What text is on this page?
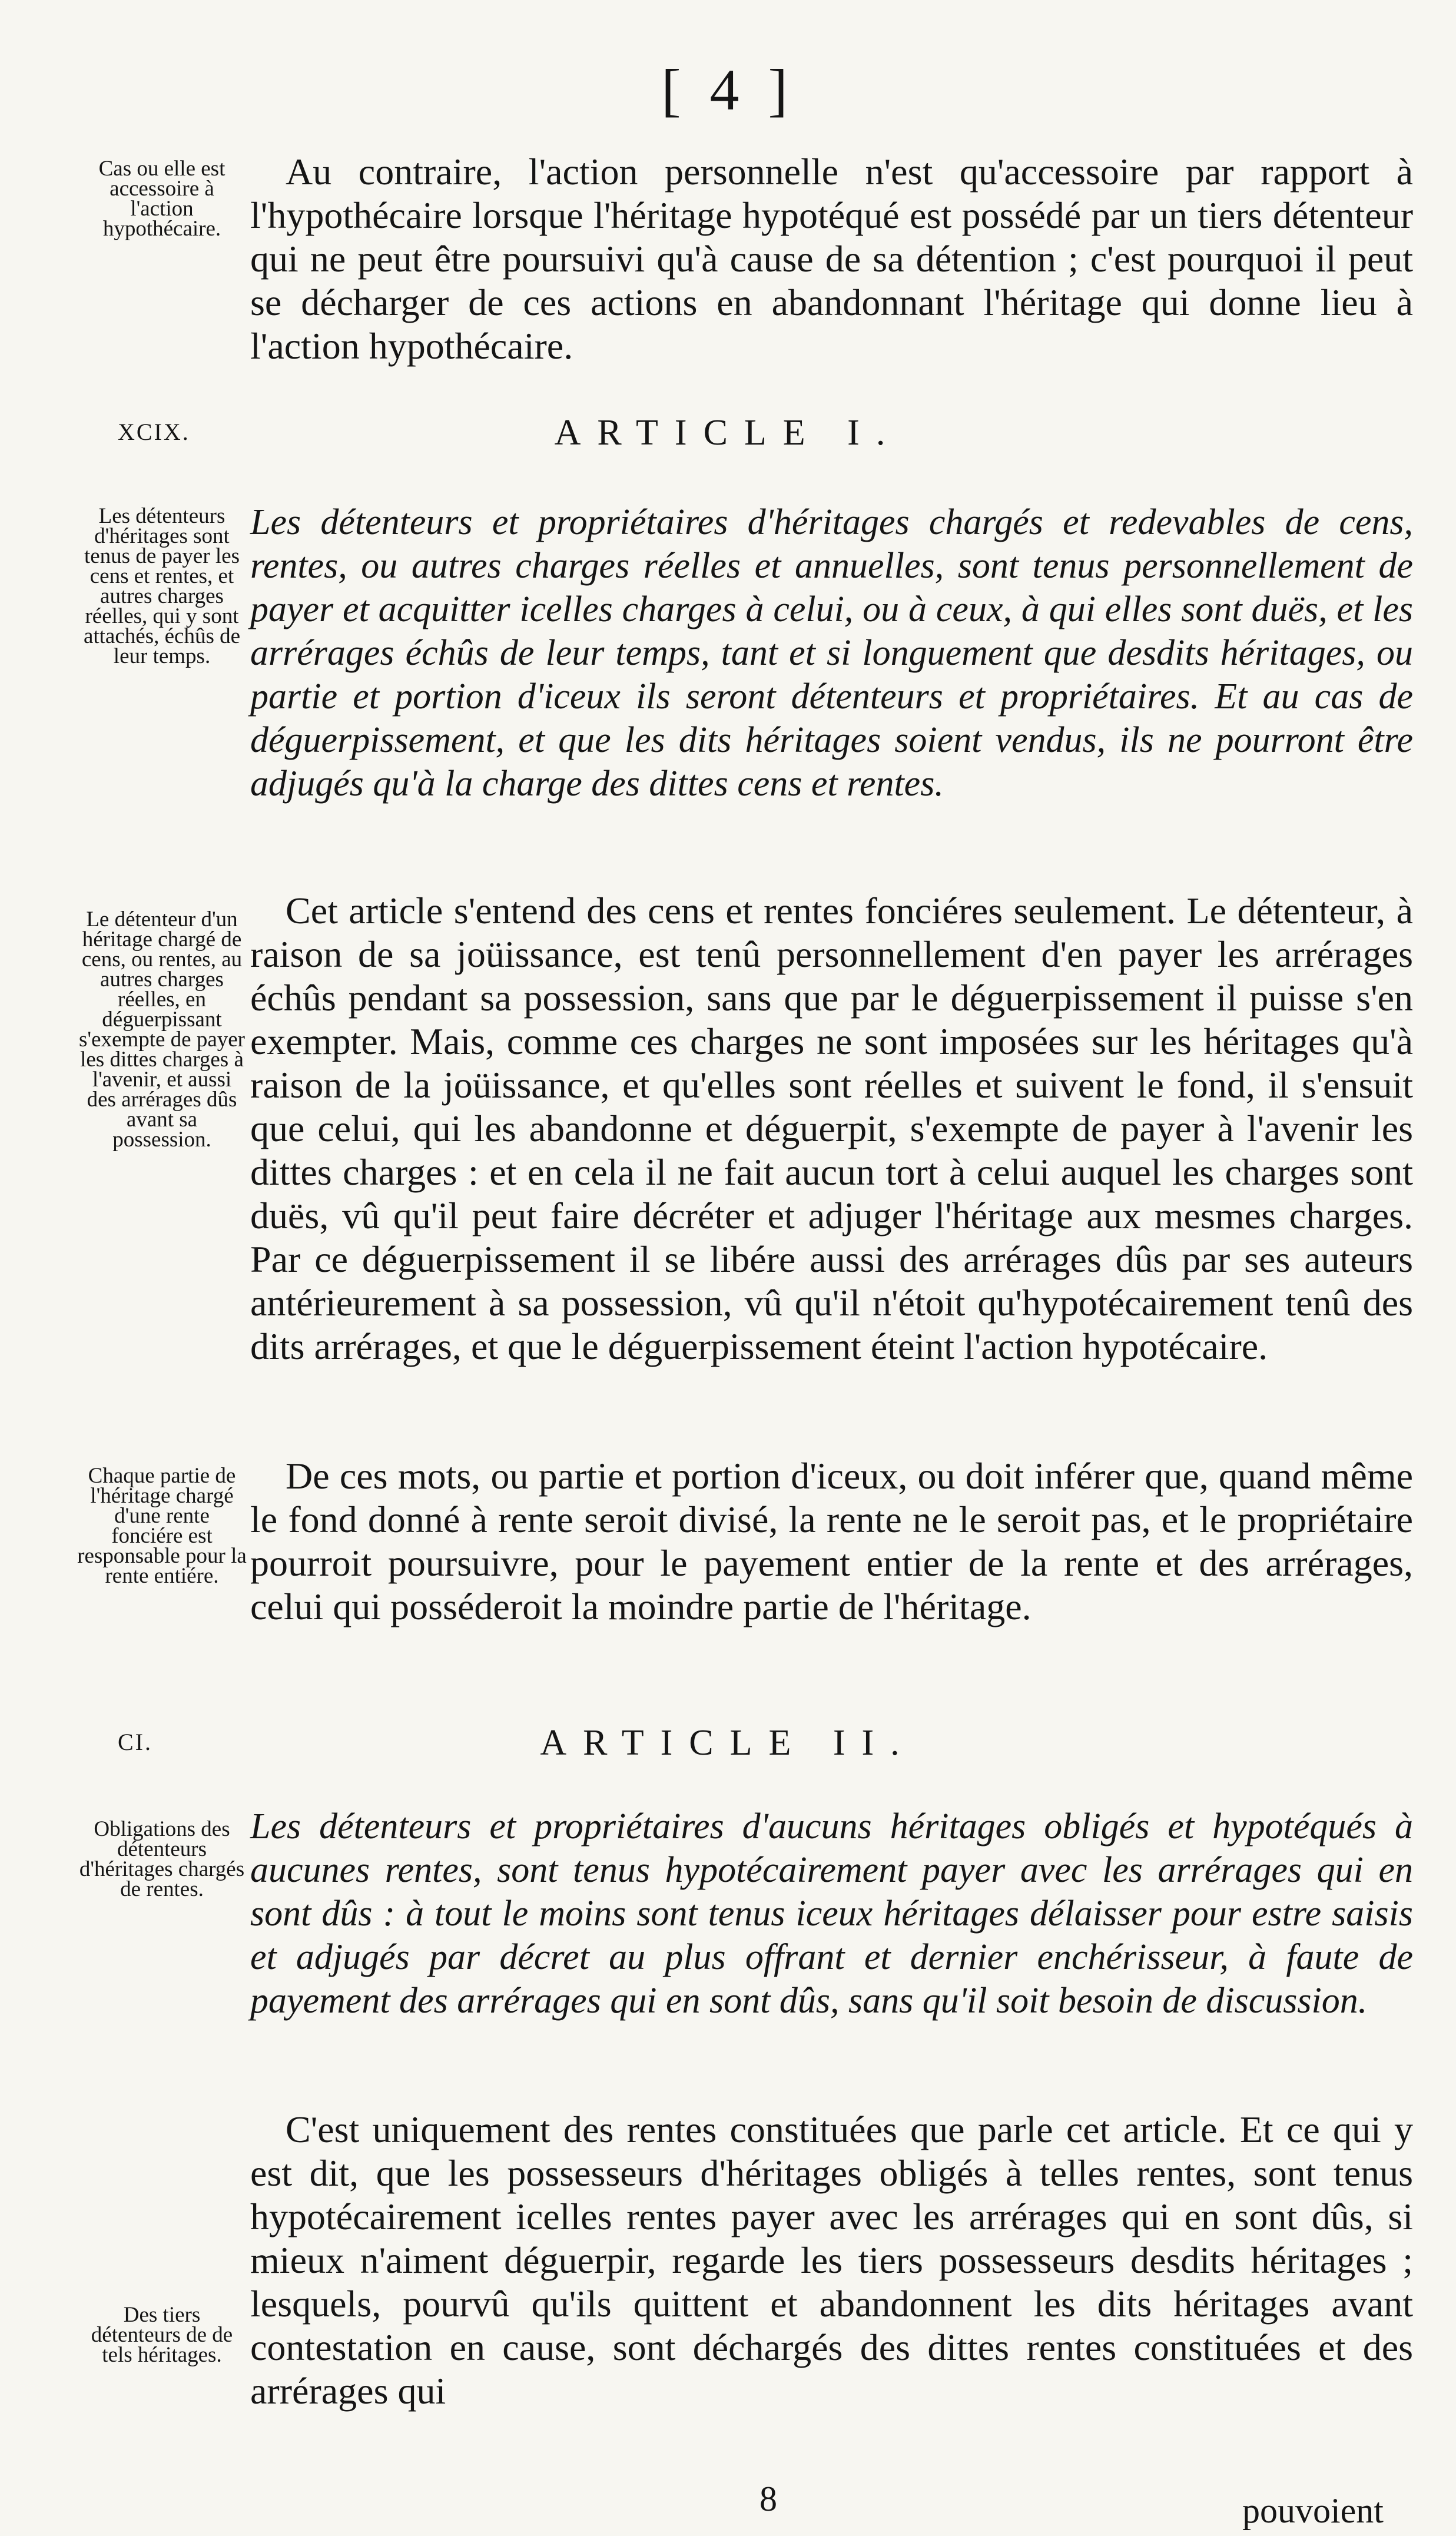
[ 4 ]
Cas ou elle est accessoire à l'action hypothécaire.
Au contraire, l'action personnelle n'est qu'accessoire par rapport à l'hypothécaire lorsque l'héritage hypotéqué est possédé par un tiers détenteur qui ne peut être poursuivi qu'à cause de sa détention ; c'est pourquoi il peut se décharger de ces actions en abandonnant l'héritage qui donne lieu à l'action hypothécaire.
XCIX.	ARTICLE I.
Les détenteurs d'héritages sont tenus de payer les cens et rentes, et autres charges réelles, qui y sont attachés, échûs de leur temps.
Les détenteurs et propriétaires d'héritages chargés et redevables de cens, rentes, ou autres charges réelles et annuelles, sont tenus personnellement de payer et acquitter icelles charges à celui, ou à ceux, à qui elles sont duës, et les arrérages échûs de leur temps, tant et si longuement que desdits héritages, ou partie et portion d'iceux ils seront détenteurs et propriétaires. Et au cas de déguerpissement, et que les dits héritages soient vendus, ils ne pourront être adjugés qu'à la charge des dittes cens et rentes.
Le détenteur d'un héritage chargé de cens, ou rentes, au autres charges réelles, en déguerpissant s'exempte de payer les dittes charges à l'avenir, et aussi des arrérages dûs avant sa possession.
Cet article s'entend des cens et rentes fonciéres seulement. Le détenteur, à raison de sa joüissance, est tenû personnellement d'en payer les arrérages échûs pendant sa possession, sans que par le déguerpissement il puisse s'en exempter. Mais, comme ces charges ne sont imposées sur les héritages qu'à raison de la joüissance, et qu'elles sont réelles et suivent le fond, il s'ensuit que celui, qui les abandonne et déguerpit, s'exempte de payer à l'avenir les dittes charges : et en cela il ne fait aucun tort à celui auquel les charges sont duës, vû qu'il peut faire décréter et adjuger l'héritage aux mesmes charges. Par ce déguerpissement il se libére aussi des arrérages dûs par ses auteurs antérieurement à sa possession, vû qu'il n'étoit qu'hypotécairement tenû des dits arrérages, et que le déguerpissement éteint l'action hypotécaire.
Chaque partie de l'héritage chargé d'une rente fonciére est responsable pour la rente entiére.
De ces mots, ou partie et portion d'iceux, ou doit inférer que, quand même le fond donné à rente seroit divisé, la rente ne le seroit pas, et le propriétaire pourroit poursuivre, pour le payement entier de la rente et des arrérages, celui qui posséderoit la moindre partie de l'héritage.
CI.	ARTICLE II.
Obligations des détenteurs d'héritages chargés de rentes.
Les détenteurs et propriétaires d'aucuns héritages obligés et hypotéqués à aucunes rentes, sont tenus hypotécairement payer avec les arrérages qui en sont dûs : à tout le moins sont tenus iceux héritages délaisser pour estre saisis et adjugés par décret au plus offrant et dernier enchérisseur, à faute de payement des arrérages qui en sont dûs, sans qu'il soit besoin de discussion.
Des tiers détenteurs de de tels héritages.
C'est uniquement des rentes constituées que parle cet article. Et ce qui y est dit, que les possesseurs d'héritages obligés à telles rentes, sont tenus hypotécairement icelles rentes payer avec les arrérages qui en sont dûs, si mieux n'aiment déguerpir, regarde les tiers possesseurs desdits héritages ; lesquels, pourvû qu'ils quittent et abandonnent les dits héritages avant contestation en cause, sont déchargés des dittes rentes constituées et des arrérages qui
8	pouvoient
